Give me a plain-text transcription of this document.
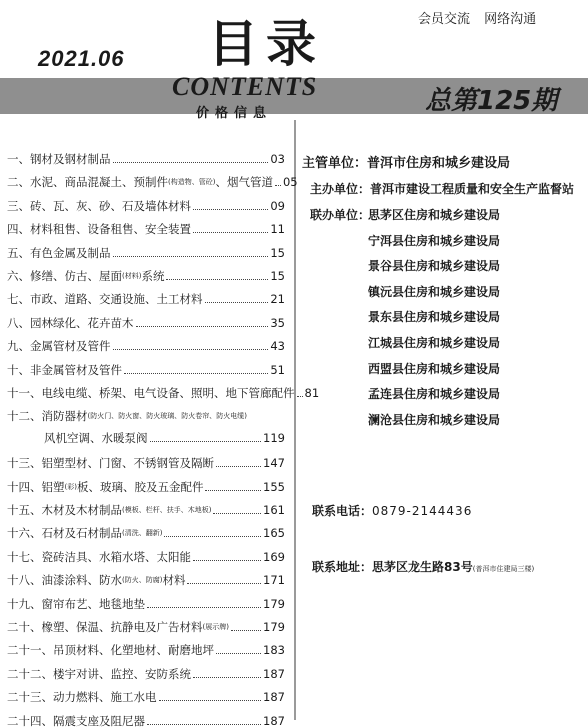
2021.06 目录	会员交流 网络沟通
CONTENTS
价格信息	总第125期
一、钢材及钢材制品	03
二、水泥、商品混凝土、预制件 (构造物、管砼) 、烟气管道 05
三、砖、瓦、灰、砂、石及墙体材料	09
四、材料租售、设备租售、安全装置	11
五、有色金属及制品	15
六、修缮、仿古、屋面 (材料) 系统	15
七、市政、道路、交通设施、土工材料	21
八、园林绿化、花卉苗木	35
九、金属管材及管件	43
十、非金属管材及管件	51
十一、电线电缆、桥架、电气设备、照明、地下管廊配件 81
十二、消防器材 (防火门、防火窗、防火玻璃、防火卷帘、防火电缆)
风机空调、水暖泵阀	119
十三、铝塑型材、门窗、不锈钢管及隔断	147
十四、铝塑 (彩) 板、玻璃、胶及五金配件	155
十五、木材及木材制品 (模板、栏杆、扶手、木地板)	161
十六、石材及石材制品 (清洗、翻新)	165
十七、瓷砖洁具、水箱水塔、太阳能	169
十八、油漆涂料、防水 (防火、防腐) 材料	171
十九、窗帘布艺、地毯地垫	179
二十、橡塑、保温、抗静电及广告材料 (展示牌)	179
二十一、吊顶材料、化塑地材、耐磨地坪	183
二十二、楼宇对讲、监控、安防系统	187
二十三、动力燃料、施工水电	187
二十四、隔震支座及阻尼器	187
主管单位：普洱市住房和城乡建设局
主办单位：普洱市建设工程质量和安全生产监督站
联办单位：
思茅区住房和城乡建设局
宁洱县住房和城乡建设局
景谷县住房和城乡建设局
镇沅县住房和城乡建设局
景东县住房和城乡建设局
江城县住房和城乡建设局
西盟县住房和城乡建设局
孟连县住房和城乡建设局
澜沧县住房和城乡建设局
联系电话：0879-2144436
联系地址：思茅区龙生路83号(普洱市住建局三楼)
